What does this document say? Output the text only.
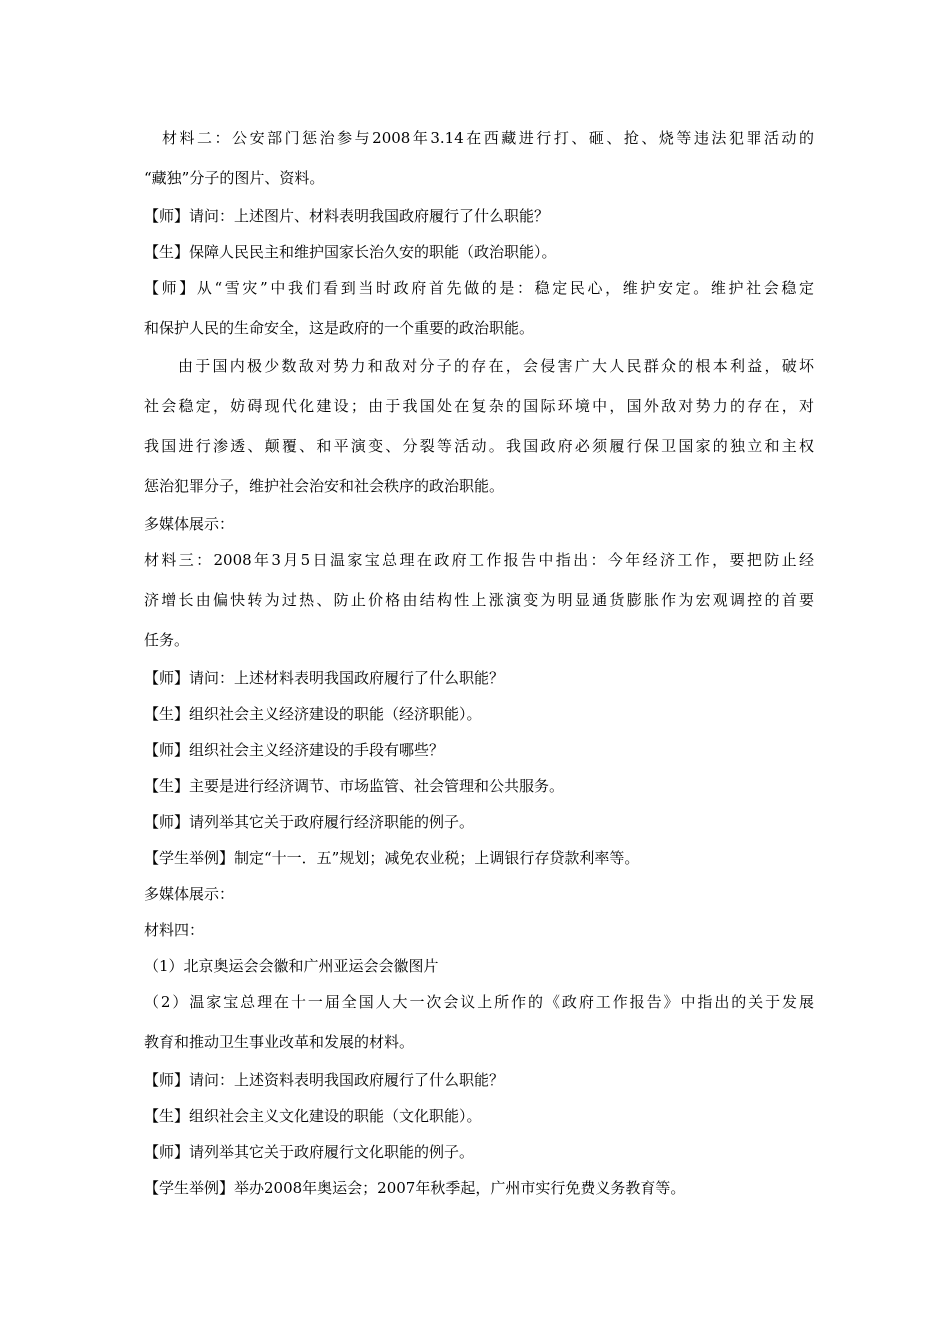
材料二：公安部门惩治参与2008年3.14在西藏进行打、砸、抢、烧等违法犯罪活动的
“藏独”分子的图片、资料。
【师】请问：上述图片、材料表明我国政府履行了什么职能？
【生】保障人民民主和维护国家长治久安的职能（政治职能）。
【师】从“雪灾”中我们看到当时政府首先做的是：稳定民心，维护安定。维护社会稳定
和保护人民的生命安全，这是政府的一个重要的政治职能。
由于国内极少数敌对势力和敌对分子的存在，会侵害广大人民群众的根本利益，破坏
社会稳定，妨碍现代化建设；由于我国处在复杂的国际环境中，国外敌对势力的存在，对
我国进行渗透、颠覆、和平演变、分裂等活动。我国政府必须履行保卫国家的独立和主权
惩治犯罪分子，维护社会治安和社会秩序的政治职能。
多媒体展示：
材料三：2008年3月5日温家宝总理在政府工作报告中指出：今年经济工作，要把防止经
济增长由偏快转为过热、防止价格由结构性上涨演变为明显通货膨胀作为宏观调控的首要
任务。
【师】请问：上述材料表明我国政府履行了什么职能？
【生】组织社会主义经济建设的职能（经济职能）。
【师】组织社会主义经济建设的手段有哪些？
【生】主要是进行经济调节、市场监管、社会管理和公共服务。
【师】请列举其它关于政府履行经济职能的例子。
【学生举例】制定“十一．五”规划；减免农业税；上调银行存贷款利率等。
多媒体展示：
材料四：
（1）北京奥运会会徽和广州亚运会会徽图片
（2）温家宝总理在十一届全国人大一次会议上所作的《政府工作报告》中指出的关于发展
教育和推动卫生事业改革和发展的材料。
【师】请问：上述资料表明我国政府履行了什么职能？
【生】组织社会主义文化建设的职能（文化职能）。
【师】请列举其它关于政府履行文化职能的例子。
【学生举例】举办2008年奥运会；2007年秋季起，广州市实行免费义务教育等。
